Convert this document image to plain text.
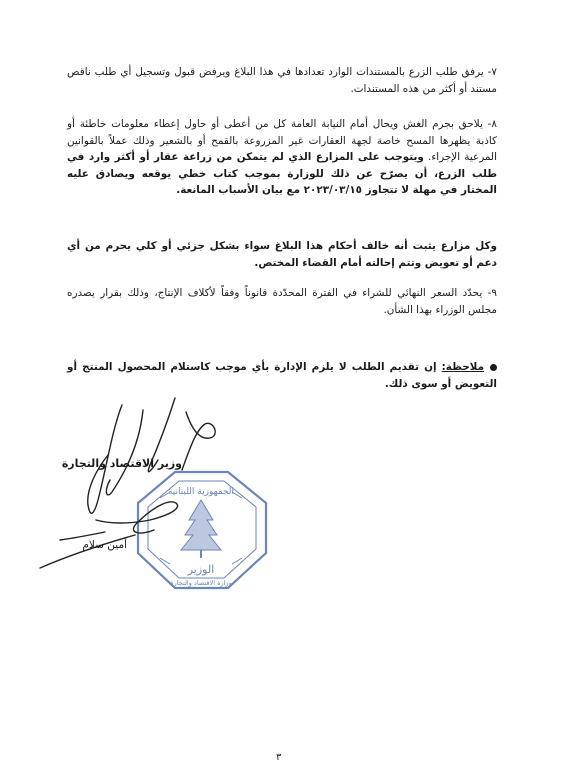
٧- يرفق طلب الزرع بالمستندات الوارد تعدادها في هذا البلاغ ويرفض قبول وتسجيل أي طلب ناقص مستند أو أكثر من هذه المستندات.
٨- يلاحق بجرم الغش ويحال أمام النيابة العامة كل من أعطى أو حاول إعطاء معلومات خاطئة أو كاذبة يظهرها المسح خاصة لجهة العقارات غير المزروعة بالقمح أو بالشعير وذلك عملاً بالقوانين المرعية الإجراء. ويتوجب على المزارع الذي لم يتمكن من زراعة عقار أو أكثر وارد في طلب الزرع، أن يصرّح عن ذلك للوزارة بموجب كتاب خطي يوقعه ويصادق عليه المختار في مهلة لا تتجاوز ٢٠٢٣/٠٣/١٥ مع بيان الأسباب المانعة.
وكل مزارع يثبت أنه خالف أحكام هذا البلاغ سواء بشكل جزئي أو كلي يحرم من أي دعم أو تعويض وتتم إحالته أمام القضاء المختص.
٩- يحدّد السعر النهائي للشراء في الفترة المحدّدة قانوناً وفقاً لأكلاف الإنتاج، وذلك بقرار يصدره مجلس الوزراء بهذا الشأن.
ملاحظة: إن تقديم الطلب لا يلزم الإدارة بأي موجب كاستلام المحصول المنتج أو التعويض أو سوى ذلك.
الجمهورية اللبنانية
الوزير
وزارة الاقتصاد والتجارة
وزير الاقتصاد والتجارة
أمين سلام
٣
